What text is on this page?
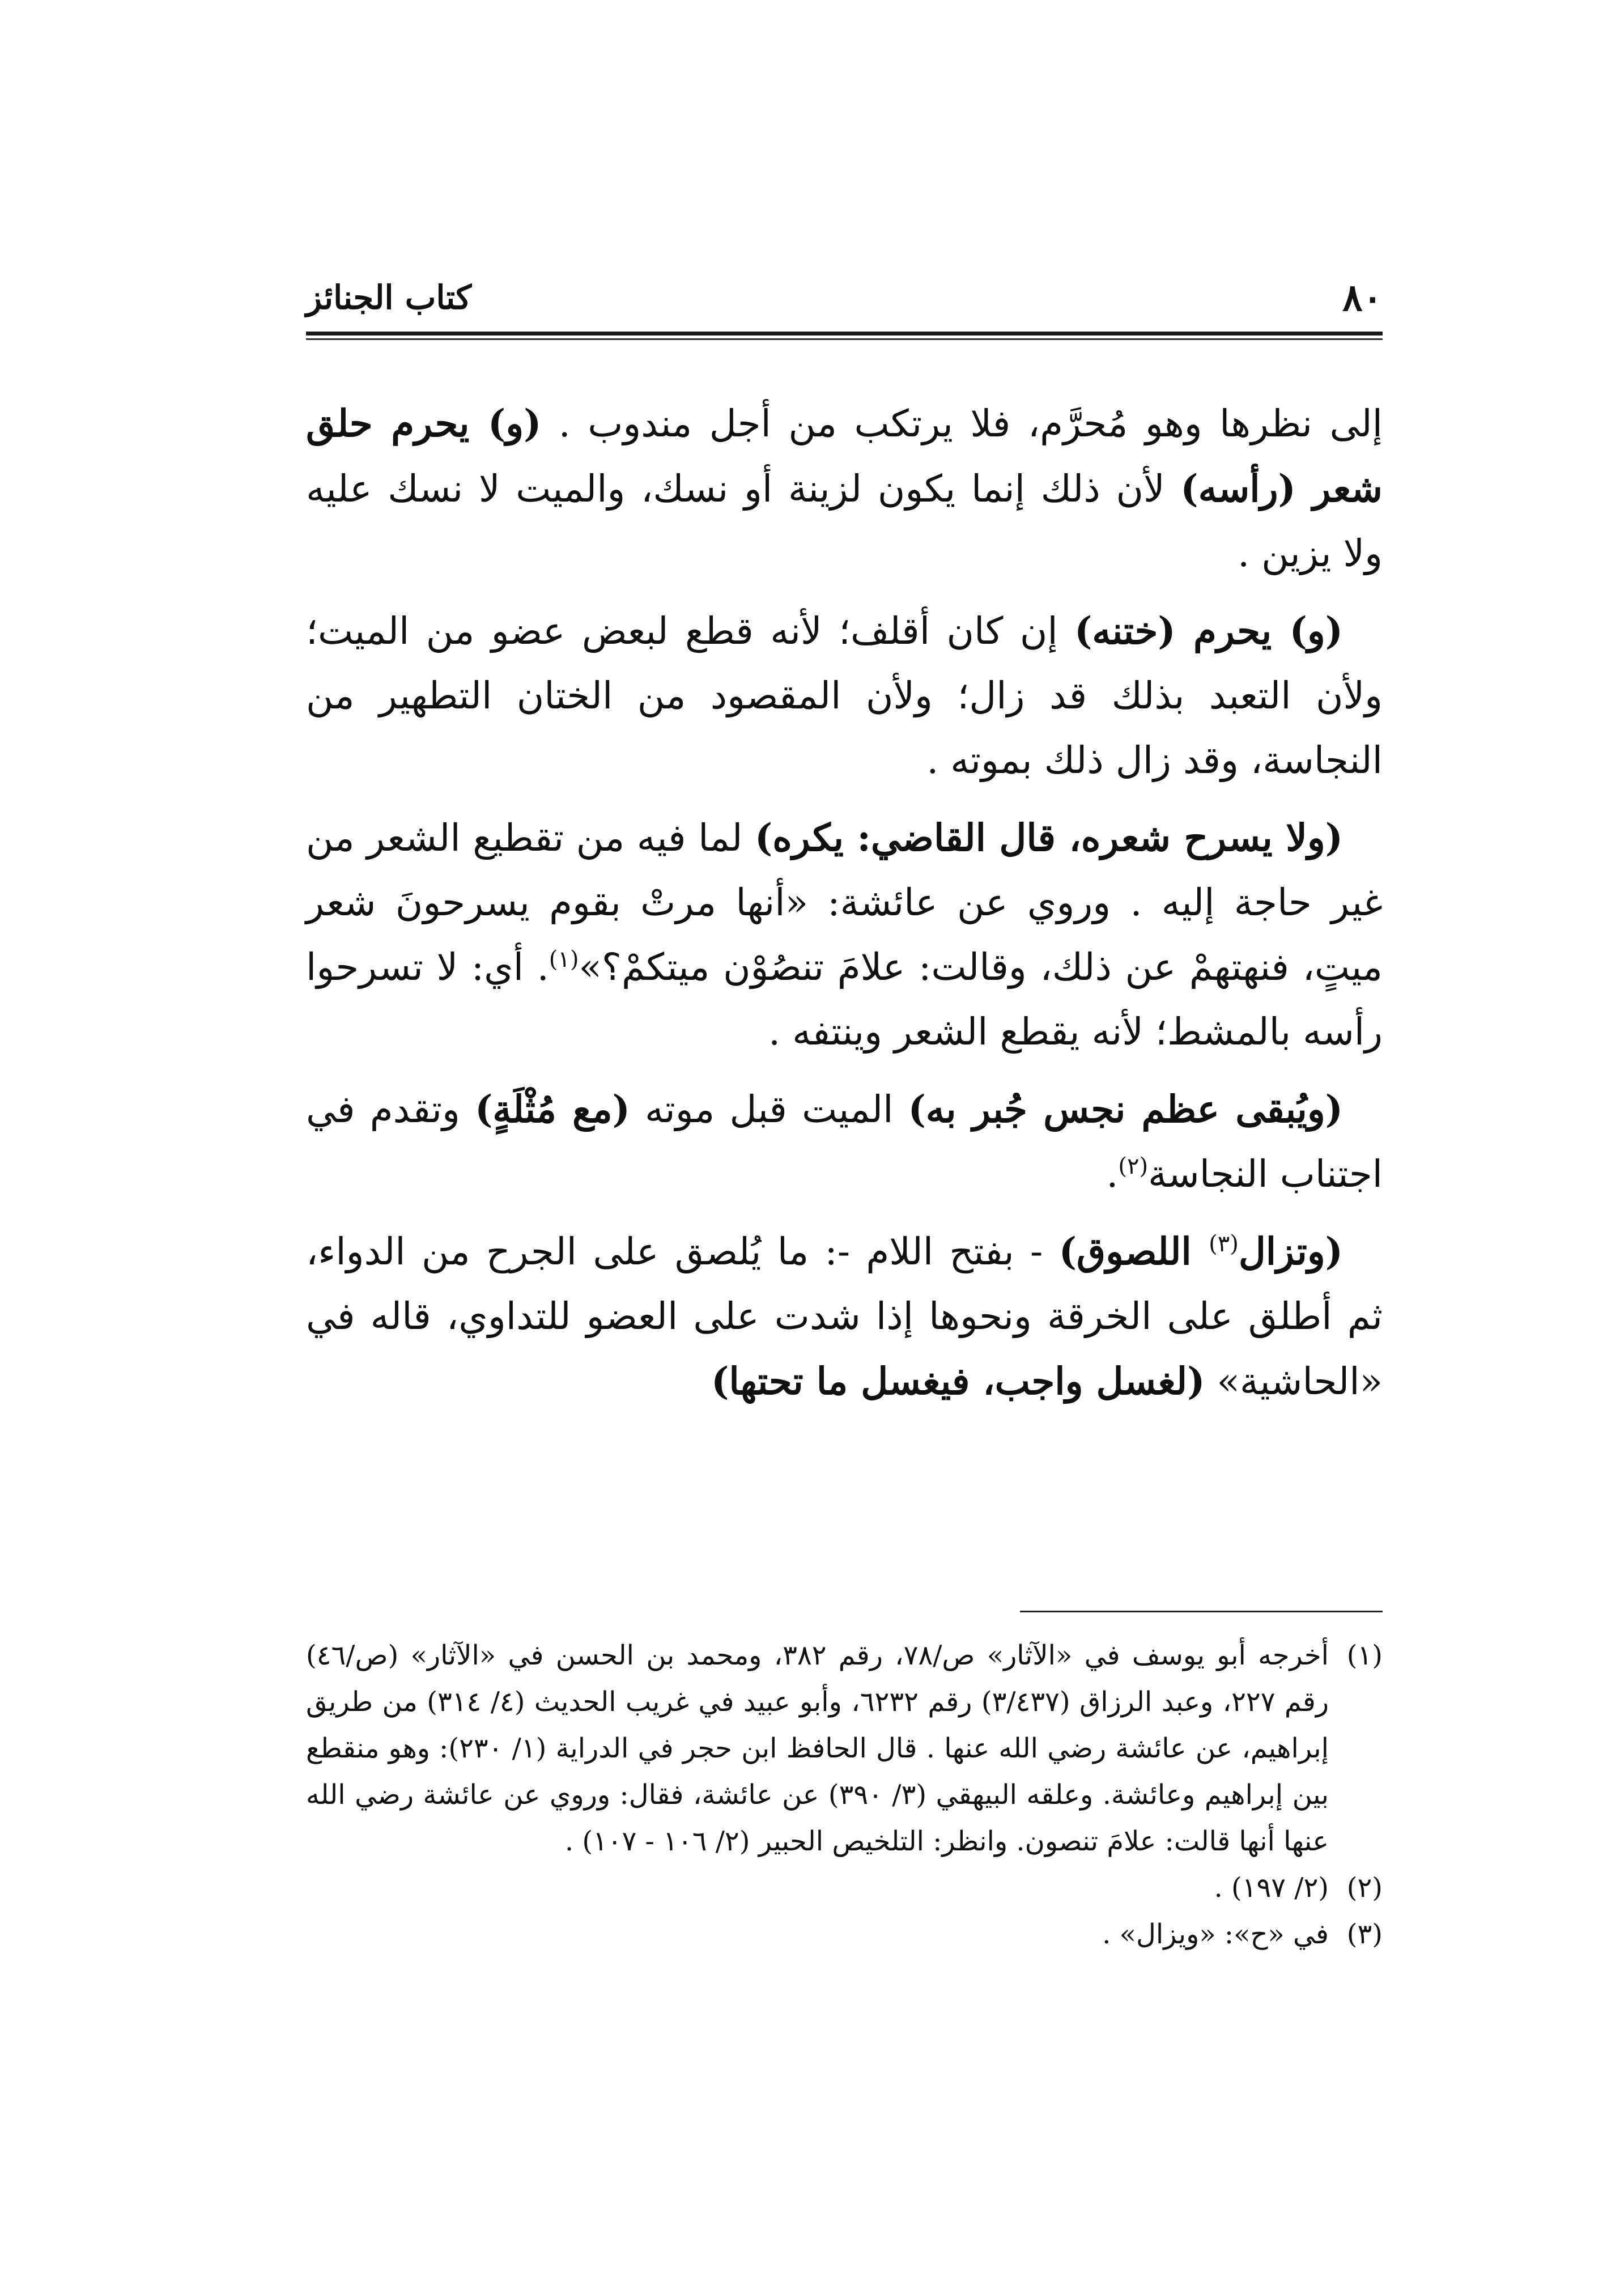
٨٠
كتاب الجنائز

إلى نظرها وهو مُحرَّم، فلا يرتكب من أجل مندوب . (و) يحرم حلق شعر (رأسه) لأن ذلك إنما يكون لزينة أو نسك، والميت لا نسك عليه ولا يزين .

(و) يحرم (ختنه) إن كان أقلف؛ لأنه قطع لبعض عضو من الميت؛ ولأن التعبد بذلك قد زال؛ ولأن المقصود من الختان التطهير من النجاسة، وقد زال ذلك بموته .

(ولا يسرح شعره، قال القاضي: يكره) لما فيه من تقطيع الشعر من غير حاجة إليه . وروي عن عائشة: «أنها مرتْ بقوم يسرحونَ شعر ميتٍ، فنهتهمْ عن ذلك، وقالت: علامَ تنصُوْن ميتكمْ؟»$^{(١)}$. أي: لا تسرحوا رأسه بالمشط؛ لأنه يقطع الشعر وينتفه .

(ويُبقى عظم نجس جُبر به) الميت قبل موته (مع مُثْلَةٍ) وتقدم في اجتناب النجاسة$^{(٢)}$.

(وتزال$^{(٣)}$ اللصوق) - بفتح اللام -: ما يُلصق على الجرح من الدواء، ثم أطلق على الخرقة ونحوها إذا شدت على العضو للتداوي، قاله في «الحاشية» (لغسل واجب، فيغسل ما تحتها)

(١)
أخرجه أبو يوسف في «الآثار» ص/٧٨، رقم ٣٨٢، ومحمد بن الحسن في «الآثار» (ص/٤٦) رقم ٢٢٧، وعبد الرزاق (٣/٤٣٧) رقم ٦٢٣٢، وأبو عبيد في غريب الحديث (٤/ ٣١٤) من طريق إبراهيم، عن عائشة رضي الله عنها . قال الحافظ ابن حجر في الدراية (١/ ٢٣٠): وهو منقطع بين إبراهيم وعائشة. وعلقه البيهقي (٣/ ٣٩٠) عن عائشة، فقال: وروي عن عائشة رضي الله عنها أنها قالت: علامَ تنصون. وانظر: التلخيص الحبير (٢/ ١٠٦ - ١٠٧) .
(٢)
(٢/ ١٩٧) .
(٣)
في «ح»: «ويزال» .
